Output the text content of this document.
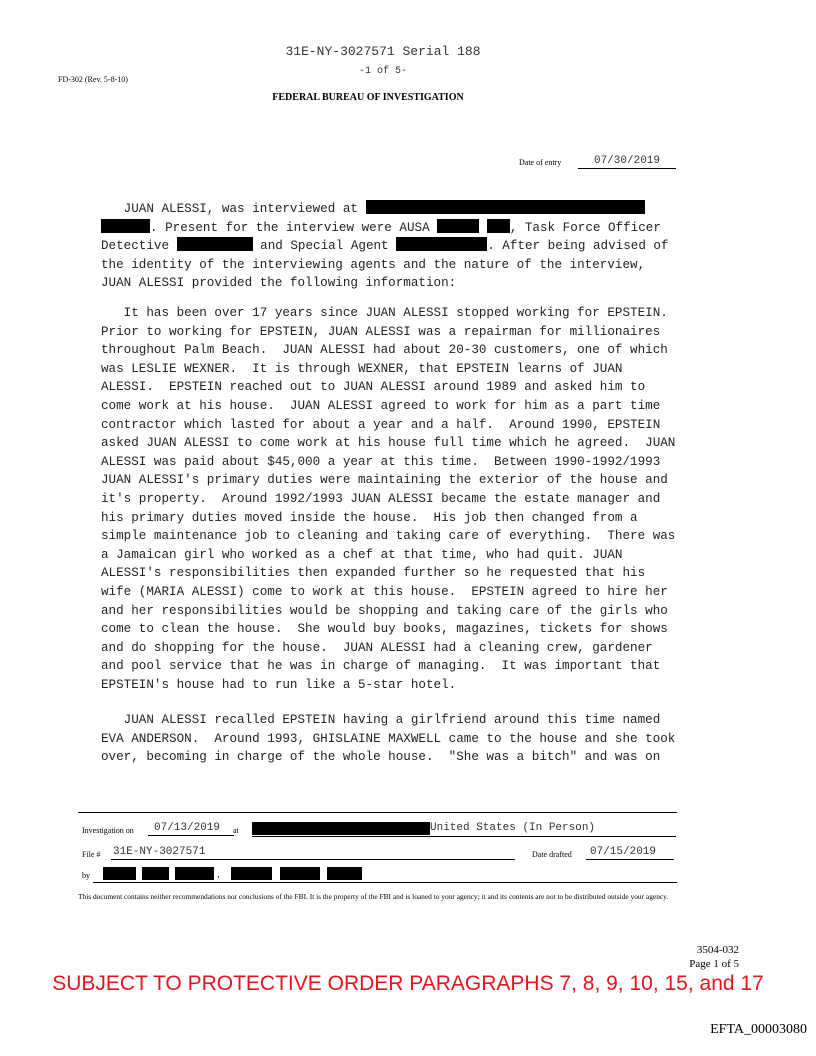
31E-NY-3027571 Serial 188
-1 of 5-
FD-302 (Rev. 5-8-10)
FEDERAL BUREAU OF INVESTIGATION
Date of entry	07/30/2019
JUAN ALESSI, was interviewed at
. Present for the interview were AUSA	, Task Force Officer
Detective	and Special Agent	. After being advised of
the identity of the interviewing agents and the nature of the interview,
JUAN ALESSI provided the following information:
It has been over 17 years since JUAN ALESSI stopped working for EPSTEIN.
Prior to working for EPSTEIN, JUAN ALESSI was a repairman for millionaires
throughout Palm Beach.  JUAN ALESSI had about 20-30 customers, one of which
was LESLIE WEXNER.  It is through WEXNER, that EPSTEIN learns of JUAN
ALESSI.  EPSTEIN reached out to JUAN ALESSI around 1989 and asked him to
come work at his house.  JUAN ALESSI agreed to work for him as a part time
contractor which lasted for about a year and a half.  Around 1990, EPSTEIN
asked JUAN ALESSI to come work at his house full time which he agreed.  JUAN
ALESSI was paid about $45,000 a year at this time.  Between 1990-1992/1993
JUAN ALESSI's primary duties were maintaining the exterior of the house and
it's property.  Around 1992/1993 JUAN ALESSI became the estate manager and
his primary duties moved inside the house.  His job then changed from a
simple maintenance job to cleaning and taking care of everything.  There was
a Jamaican girl who worked as a chef at that time, who had quit. JUAN
ALESSI's responsibilities then expanded further so he requested that his
wife (MARIA ALESSI) come to work at this house.  EPSTEIN agreed to hire her
and her responsibilities would be shopping and taking care of the girls who
come to clean the house.  She would buy books, magazines, tickets for shows
and do shopping for the house.  JUAN ALESSI had a cleaning crew, gardener
and pool service that he was in charge of managing.  It was important that
EPSTEIN's house had to run like a 5-star hotel.
JUAN ALESSI recalled EPSTEIN having a girlfriend around this time named
EVA ANDERSON.  Around 1993, GHISLAINE MAXWELL came to the house and she took
over, becoming in charge of the whole house.  "She was a bitch" and was on
Investigation on	07/13/2019	at	United States (In Person)
File # 31E-NY-3027571	Date drafted	07/15/2019
by	,
This document contains neither recommendations nor conclusions of the FBI. It is the property of the FBI and is loaned to your agency; it and its contents are not to be distributed outside your agency.
3504-032
Page 1 of 5
SUBJECT TO PROTECTIVE ORDER PARAGRAPHS 7, 8, 9, 10, 15, and 17
EFTA_00003080
